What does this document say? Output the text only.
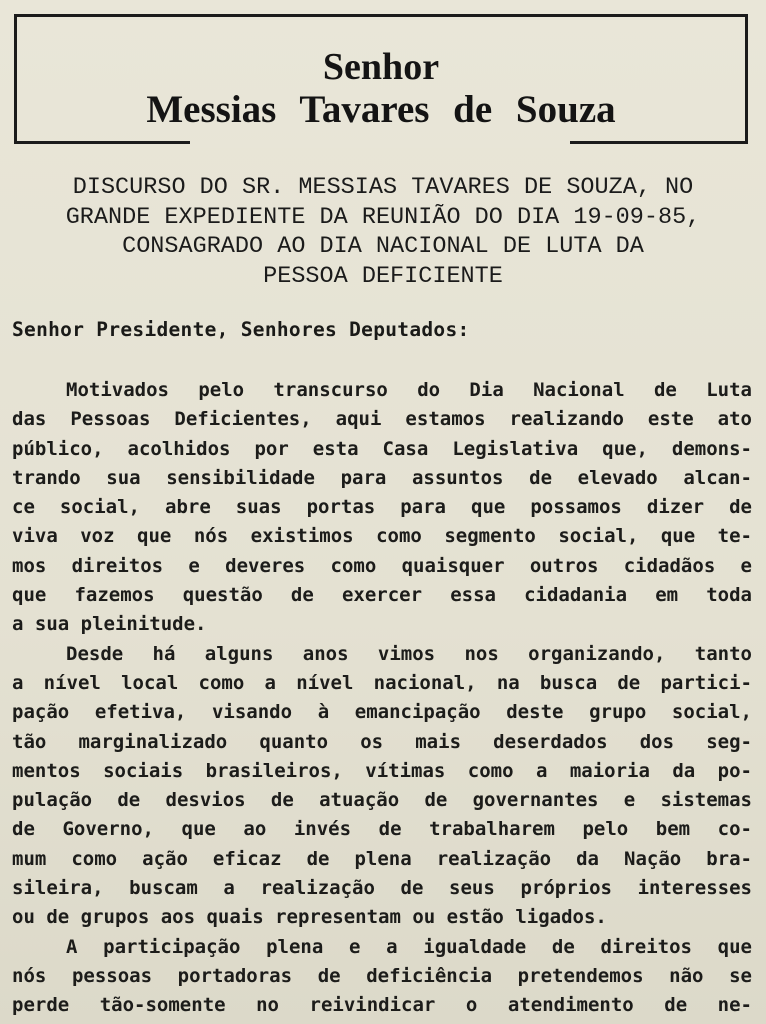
Senhor
Messias Tavares de Souza
DISCURSO DO SR. MESSIAS TAVARES DE SOUZA, NO
GRANDE EXPEDIENTE DA REUNIÃO DO DIA 19-09-85,
CONSAGRADO AO DIA NACIONAL DE LUTA DA
PESSOA DEFICIENTE
Senhor Presidente, Senhores Deputados:
Motivados pelo transcurso do Dia Nacional de Luta
das Pessoas Deficientes, aqui estamos realizando este ato
público, acolhidos por esta Casa Legislativa que, demons-
trando sua sensibilidade para assuntos de elevado alcan-
ce social, abre suas portas para que possamos dizer de
viva voz que nós existimos como segmento social, que te-
mos direitos e deveres como quaisquer outros cidadãos e
que fazemos questão de exercer essa cidadania em toda
a sua pleinitude.
Desde há alguns anos vimos nos organizando, tanto
a nível local como a nível nacional, na busca de partici-
pação efetiva, visando à emancipação deste grupo social,
tão marginalizado quanto os mais deserdados dos seg-
mentos sociais brasileiros, vítimas como a maioria da po-
pulação de desvios de atuação de governantes e sistemas
de Governo, que ao invés de trabalharem pelo bem co-
mum como ação eficaz de plena realização da Nação bra-
sileira, buscam a realização de seus próprios interesses
ou de grupos aos quais representam ou estão ligados.
A participação plena e a igualdade de direitos que
nós pessoas portadoras de deficiência pretendemos não se
perde tão-somente no reivindicar o atendimento de ne-
